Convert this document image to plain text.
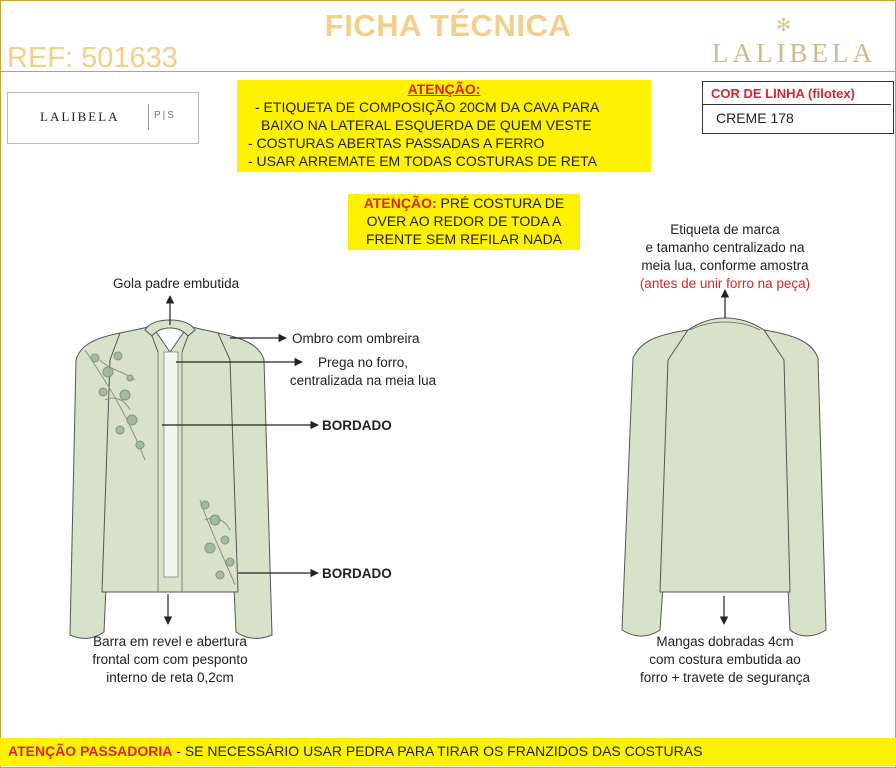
FICHA TÉCNICA
REF: 501633
✻
LALIBELA
LALIBELA	P|S
ATENÇÃO:
- ETIQUETA DE COMPOSIÇÃO 20CM DA CAVA PARA
BAIXO NA LATERAL ESQUERDA DE QUEM VESTE
- COSTURAS ABERTAS PASSADAS A FERRO
- USAR ARREMATE EM TODAS COSTURAS DE RETA
COR DE LINHA (filotex)
CREME 178
ATENÇÃO: PRÉ COSTURA DE
OVER AO REDOR DE TODA A
FRENTE SEM REFILAR NADA
Gola padre embutida
Ombro com ombreira
Prega no forro,
centralizada na meia lua
BORDADO
BORDADO
Barra em revel e abertura
frontal com com pesponto
interno de reta 0,2cm
Etiqueta de marca
e tamanho centralizado na
meia lua, conforme amostra
(antes de unir forro na peça)
Mangas dobradas 4cm
com costura embutida ao
forro + travete de segurança
ATENÇÃO PASSADORIA - SE NECESSÁRIO USAR PEDRA PARA TIRAR OS FRANZIDOS DAS COSTURAS
